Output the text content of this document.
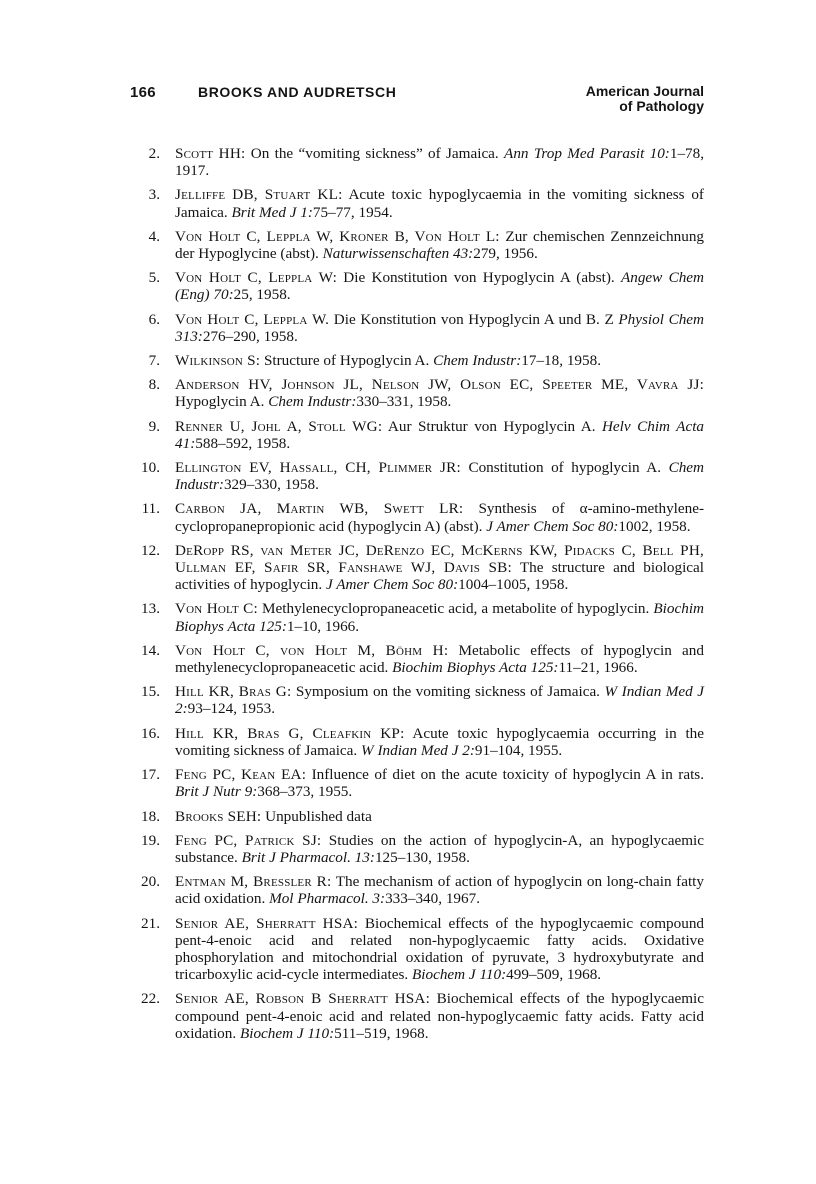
166	BROOKS AND AUDRETSCH	American Journal
of Pathology
2. Scott HH: On the “vomiting sickness” of Jamaica. Ann Trop Med Parasit 10:1–78, 1917.
3. Jelliffe DB, Stuart KL: Acute toxic hypoglycaemia in the vomiting sickness of Jamaica. Brit Med J 1:75–77, 1954.
4. Von Holt C, Leppla W, Kroner B, Von Holt L: Zur chemischen Zennzeichnung der Hypoglycine (abst). Naturwissenschaften 43:279, 1956.
5. Von Holt C, Leppla W: Die Konstitution von Hypoglycin A (abst). Angew Chem (Eng) 70:25, 1958.
6. Von Holt C, Leppla W. Die Konstitution von Hypoglycin A und B. Z Physiol Chem 313:276–290, 1958.
7. Wilkinson S: Structure of Hypoglycin A. Chem Industr:17–18, 1958.
8. Anderson HV, Johnson JL, Nelson JW, Olson EC, Speeter ME, Vavra JJ: Hypoglycin A. Chem Industr:330–331, 1958.
9. Renner U, Johl A, Stoll WG: Aur Struktur von Hypoglycin A. Helv Chim Acta 41:588–592, 1958.
10. Ellington EV, Hassall, CH, Plimmer JR: Constitution of hypoglycin A. Chem Industr:329–330, 1958.
11. Carbon JA, Martin WB, Swett LR: Synthesis of α-amino-methylene-cyclopropanepropionic acid (hypoglycin A) (abst). J Amer Chem Soc 80:1002, 1958.
12. DeRopp RS, van Meter JC, DeRenzo EC, McKerns KW, Pidacks C, Bell PH, Ullman EF, Safir SR, Fanshawe WJ, Davis SB: The structure and biological activities of hypoglycin. J Amer Chem Soc 80:1004–1005, 1958.
13. Von Holt C: Methylenecyclopropaneacetic acid, a metabolite of hypoglycin. Biochim Biophys Acta 125:1–10, 1966.
14. Von Holt C, von Holt M, Böhm H: Metabolic effects of hypoglycin and methylenecyclopropaneacetic acid. Biochim Biophys Acta 125:11–21, 1966.
15. Hill KR, Bras G: Symposium on the vomiting sickness of Jamaica. W Indian Med J 2:93–124, 1953.
16. Hill KR, Bras G, Cleafkin KP: Acute toxic hypoglycaemia occurring in the vomiting sickness of Jamaica. W Indian Med J 2:91–104, 1955.
17. Feng PC, Kean EA: Influence of diet on the acute toxicity of hypoglycin A in rats. Brit J Nutr 9:368–373, 1955.
18. Brooks SEH: Unpublished data
19. Feng PC, Patrick SJ: Studies on the action of hypoglycin-A, an hypoglycaemic substance. Brit J Pharmacol. 13:125–130, 1958.
20. Entman M, Bressler R: The mechanism of action of hypoglycin on long-chain fatty acid oxidation. Mol Pharmacol. 3:333–340, 1967.
21. Senior AE, Sherratt HSA: Biochemical effects of the hypoglycaemic compound pent-4-enoic acid and related non-hypoglycaemic fatty acids. Oxidative phosphorylation and mitochondrial oxidation of pyruvate, 3 hydroxybutyrate and tricarboxylic acid-cycle intermediates. Biochem J 110:499–509, 1968.
22. Senior AE, Robson B Sherratt HSA: Biochemical effects of the hypoglycaemic compound pent-4-enoic acid and related non-hypoglycaemic fatty acids. Fatty acid oxidation. Biochem J 110:511–519, 1968.
